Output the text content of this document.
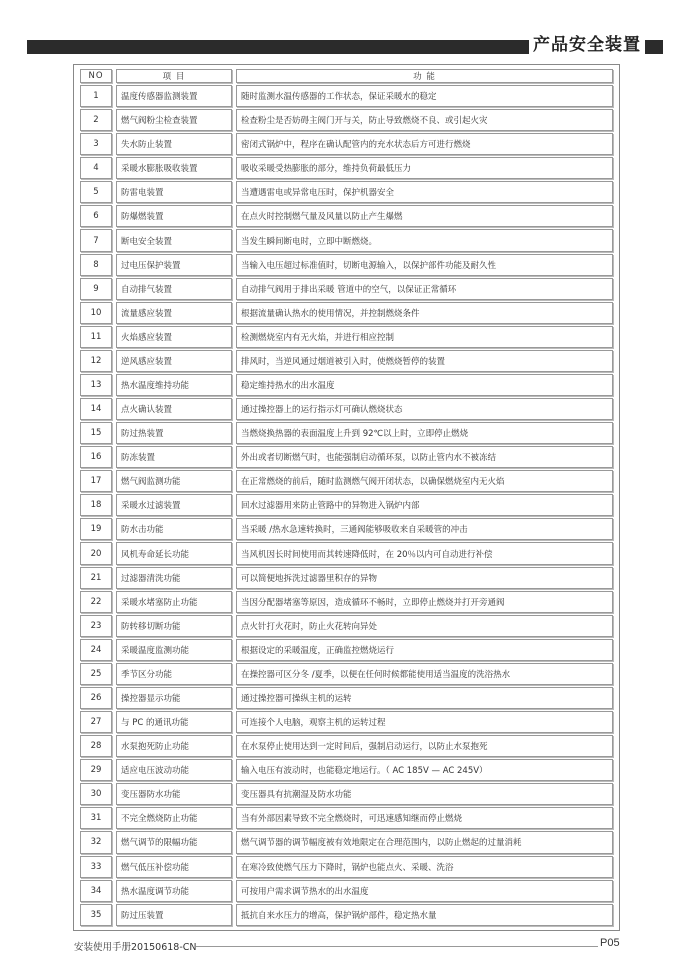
产品安全装置
NO	项 目	功 能
1	温度传感器监测装置	随时监测水温传感器的工作状态，保证采暖水的稳定
2	燃气阀粉尘检查装置	检查粉尘是否妨碍主阀门开与关，防止导致燃烧不良、或引起火灾
3	失水防止装置	密闭式锅炉中，程序在确认配管内的充水状态后方可进行燃烧
4	采暖水膨胀吸收装置	吸收采暖受热膨胀的部分，维持负荷最低压力
5	防雷电装置	当遭遇雷电或异常电压时，保护机器安全
6	防爆燃装置	在点火时控制燃气量及风量以防止产生爆燃
7	断电安全装置	当发生瞬间断电时，立即中断燃烧。
8	过电压保护装置	当输入电压超过标准值时，切断电源输入，以保护部件功能及耐久性
9	自动排气装置	自动排气阀用于排出采暖 管道中的空气，以保证正常循环
10	流量感应装置	根据流量确认热水的使用情况，并控制燃烧条件
11	火焰感应装置	检测燃烧室内有无火焰，并进行相应控制
12	逆风感应装置	排风时，当逆风通过烟道被引入时，使燃烧暂停的装置
13	热水温度维持功能	稳定维持热水的出水温度
14	点火确认装置	通过操控器上的运行指示灯可确认燃烧状态
15	防过热装置	当燃烧换热器的表面温度上升到 92℃以上时，立即停止燃烧
16	防冻装置	外出或者切断燃气时，也能强制启动循环泵，以防止管内水不被冻结
17	燃气阀监测功能	在正常燃烧的前后，随时监测燃气阀开闭状态，以确保燃烧室内无火焰
18	采暖水过滤装置	回水过滤器用来防止管路中的异物进入锅炉内部
19	防水击功能	当采暖 /热水急速转换时，三通阀能够吸收来自采暖管的冲击
20	风机寿命延长功能	当风机因长时间使用而其转速降低时，在 20％以内可自动进行补偿
21	过滤器清洗功能	可以简便地拆洗过滤器里积存的异物
22	采暖水堵塞防止功能	当因分配器堵塞等原因，造成循环不畅时，立即停止燃烧并打开旁通阀
23	防转移切断功能	点火针打火花时，防止火花转向异处
24	采暖温度监测功能	根据设定的采暖温度，正确监控燃烧运行
25	季节区分功能	在操控器可区分冬 /夏季，以便在任何时候都能使用适当温度的洗浴热水
26	操控器显示功能	通过操控器可操纵主机的运转
27	与 PC 的通讯功能	可连接个人电脑，观察主机的运转过程
28	水泵抱死防止功能	在水泵停止使用达到一定时间后，强制启动运行，以防止水泵抱死
29	适应电压波动功能	输入电压有波动时，也能稳定地运行。（ AC 185V — AC 245V）
30	变压器防水功能	变压器具有抗潮湿及防水功能
31	不完全燃烧防止功能	当有外部因素导致不完全燃烧时，可迅速感知继而停止燃烧
32	燃气调节的限幅功能	燃气调节器的调节幅度被有效地限定在合理范围内，以防止燃起的过量消耗
33	燃气低压补偿功能	在寒冷致使燃气压力下降时，锅炉也能点火、采暖、洗浴
34	热水温度调节功能	可按用户需求调节热水的出水温度
35	防过压装置	抵抗自来水压力的增高，保护锅炉部件，稳定热水量
安装使用手册20150618-CN	P05
